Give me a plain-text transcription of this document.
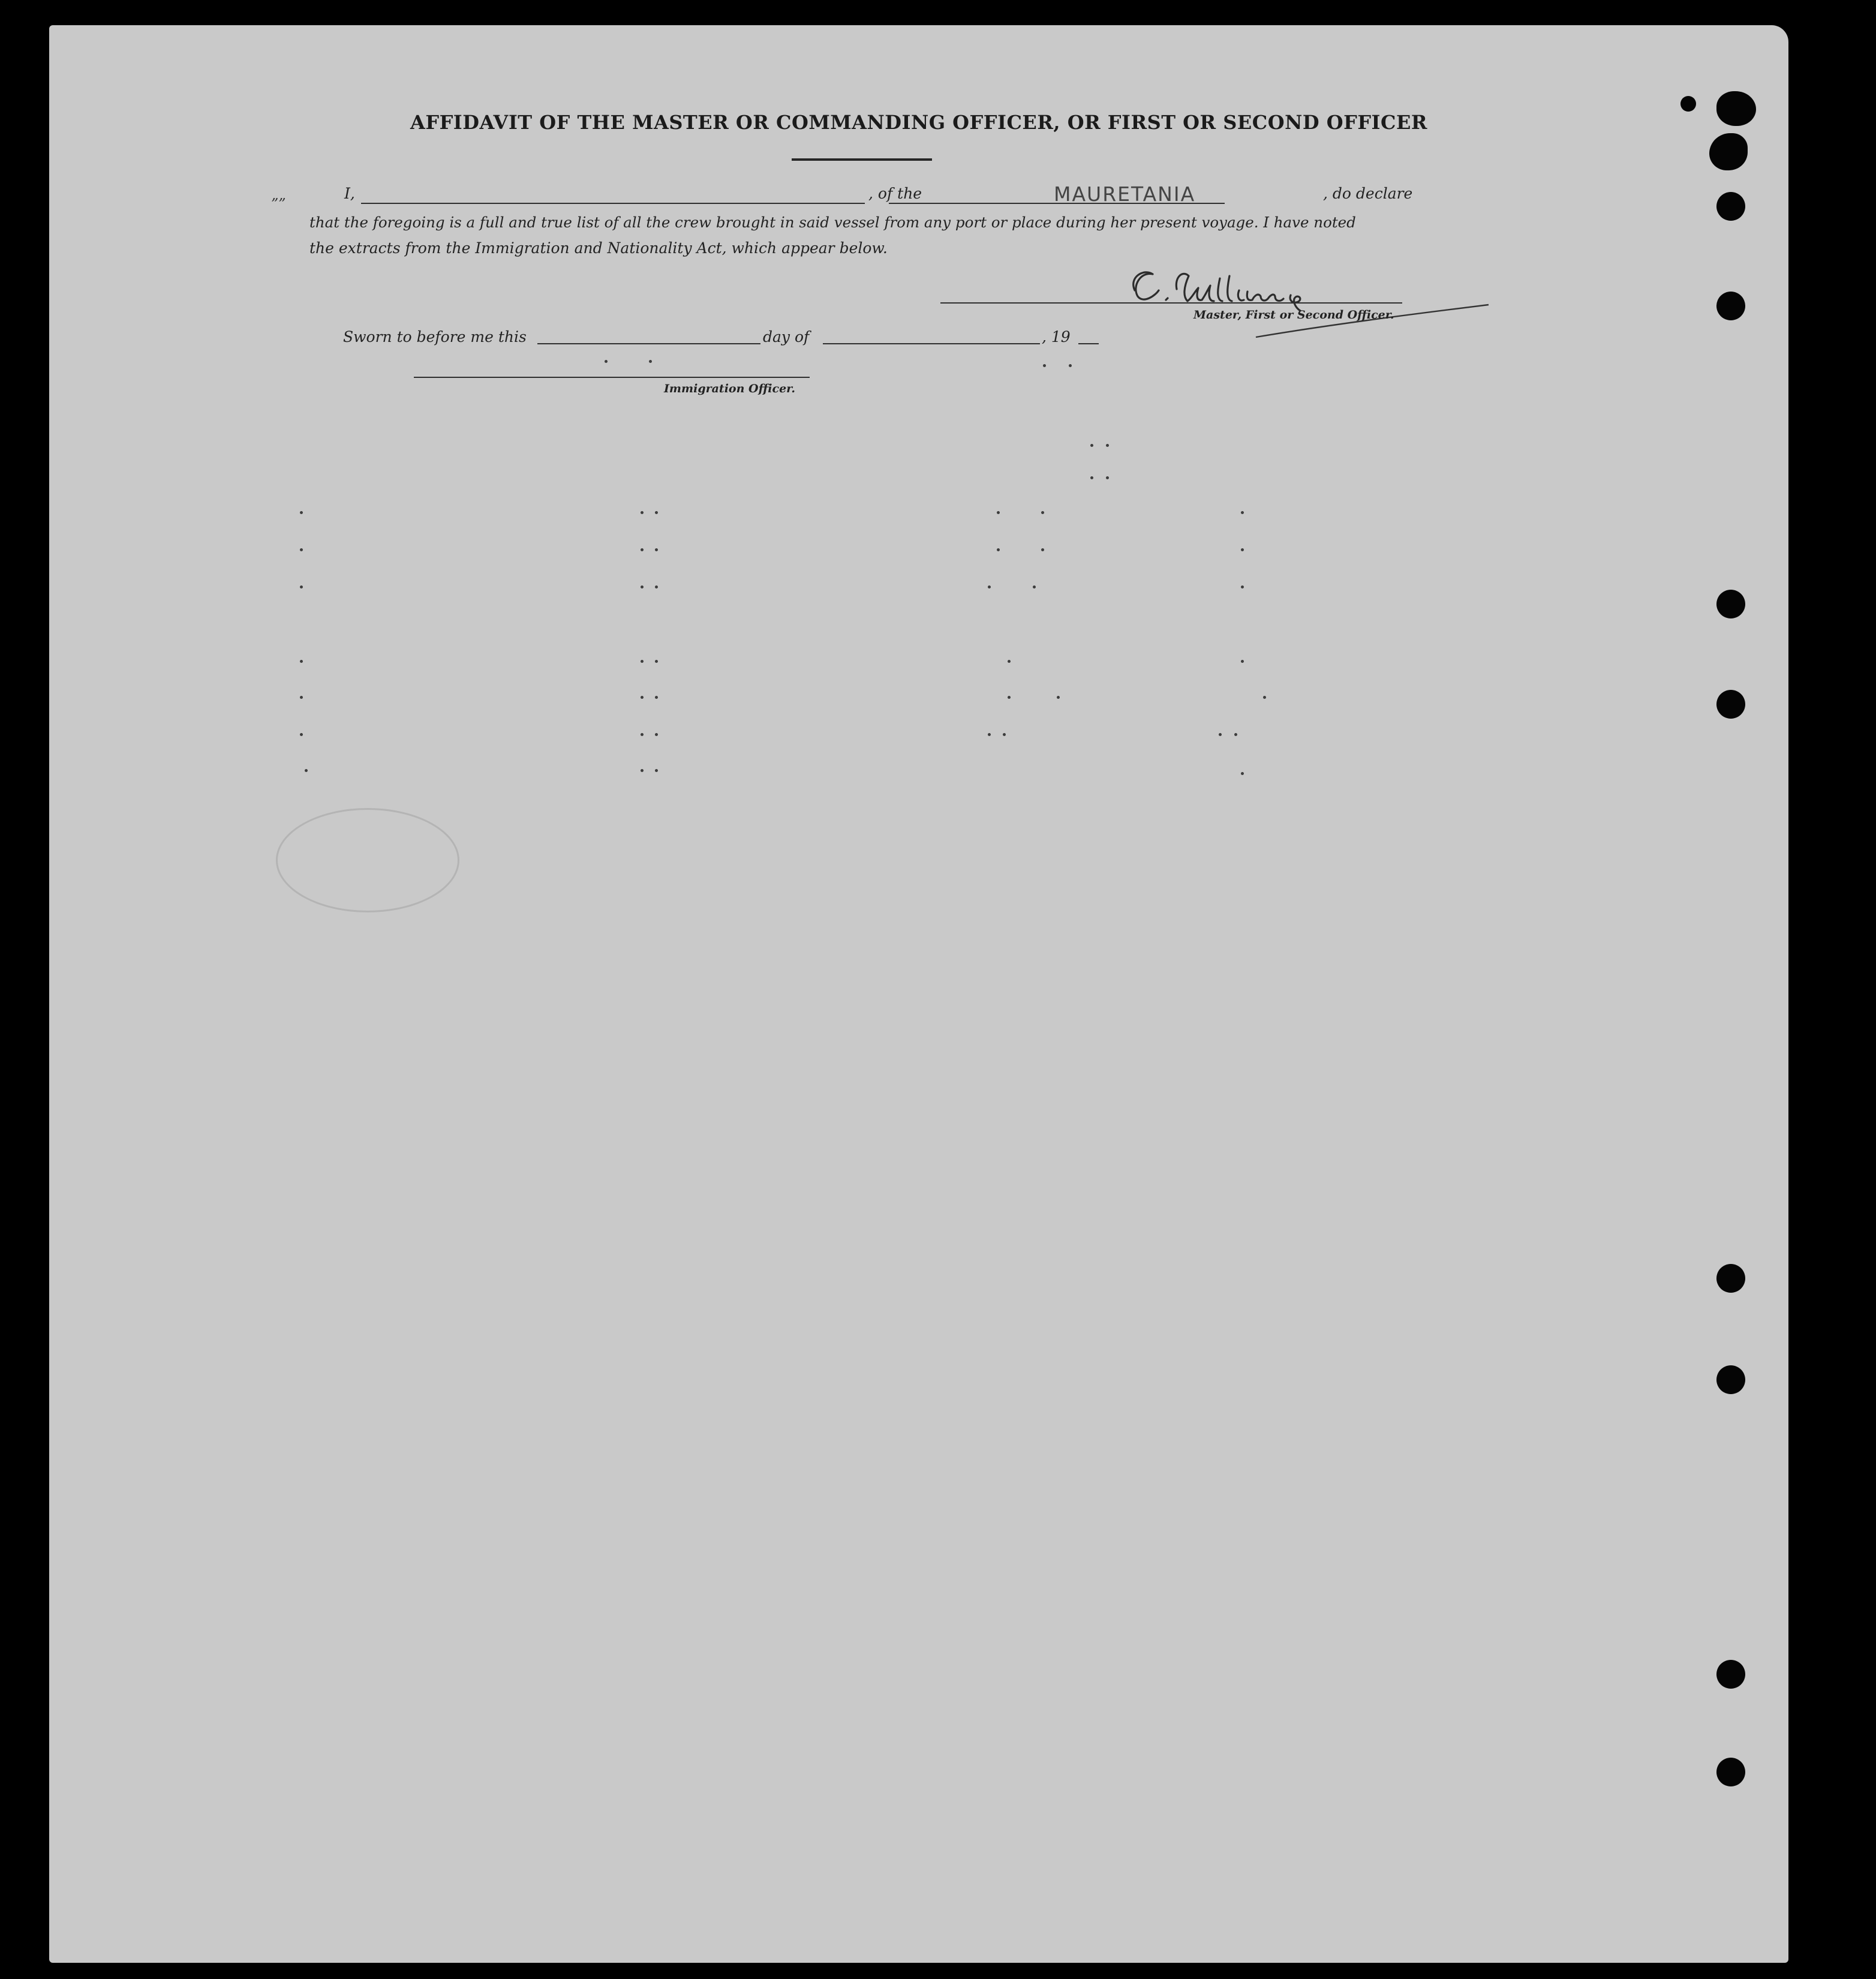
AFFIDAVIT OF THE MASTER OR COMMANDING OFFICER, OR FIRST OR SECOND OFFICER
””
I,	, of the	MAURETANIA	, do declare
that the foregoing is a full and true list of all the crew brought in said vessel from any port or place during her present voyage. I have noted
the extracts from the Immigration and Nationality Act, which appear below.
Master, First or Second Officer.
Sworn to before me this	day of	, 19
Immigration Officer.
